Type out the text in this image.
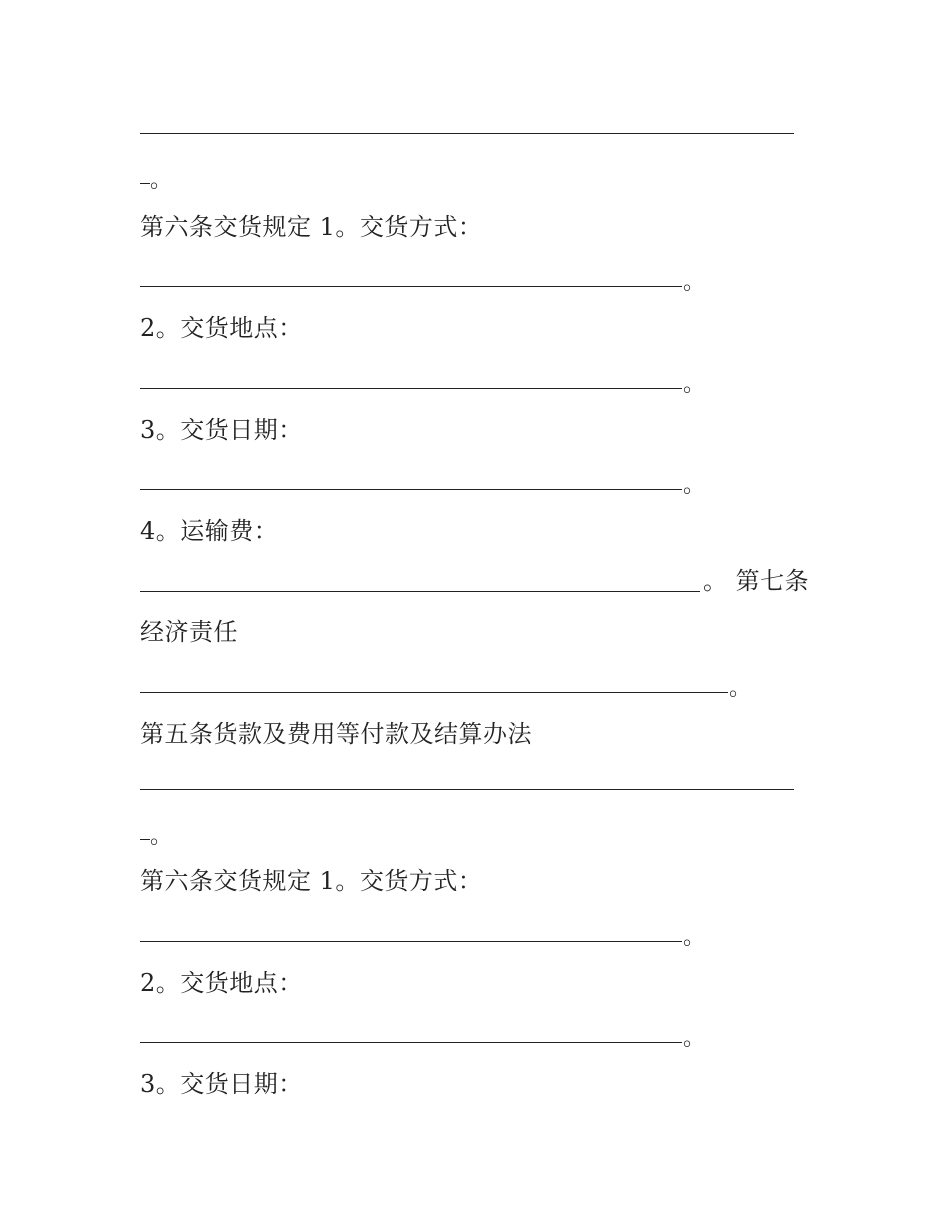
。
第六条交货规定 1。交货方式：
。
2。交货地点：
。
3。交货日期：
。
4。运输费：
。 第七条
经济责任
。
第五条货款及费用等付款及结算办法
。
第六条交货规定 1。交货方式：
。
2。交货地点：
。
3。交货日期：
